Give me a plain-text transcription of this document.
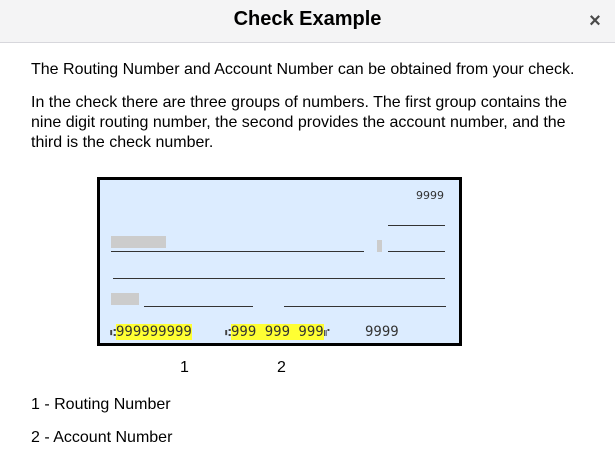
Check Example	×
The Routing Number and Account Number can be obtained from your check.
In the check there are three groups of numbers. The first group contains the nine digit routing number, the second provides the account number, and the third is the check number.
9999
⑆999999999	⑆999 999 999⑈	9999
1	2
1 - Routing Number
2 - Account Number
